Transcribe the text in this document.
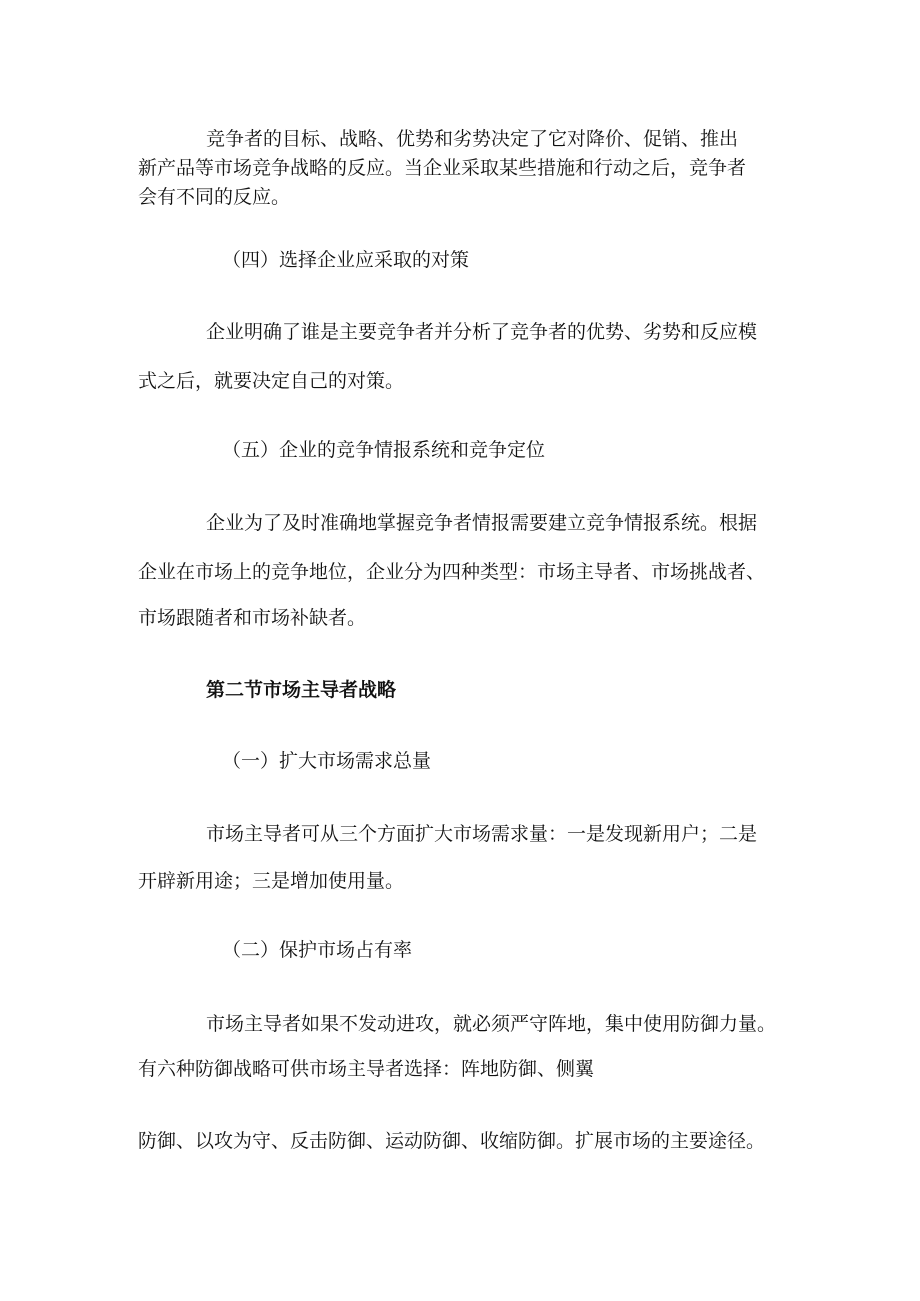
竞争者的目标、战略、优势和劣势决定了它对降价、促销、推出

新产品等市场竞争战略的反应。当企业采取某些措施和行动之后，竞争者

会有不同的反应。

（四）选择企业应采取的对策

企业明确了谁是主要竞争者并分析了竞争者的优势、劣势和反应模

式之后，就要决定自己的对策。

（五）企业的竞争情报系统和竞争定位

企业为了及时准确地掌握竞争者情报需要建立竞争情报系统。根据

企业在市场上的竞争地位，企业分为四种类型：市场主导者、市场挑战者、

市场跟随者和市场补缺者。

第二节市场主导者战略

（一）扩大市场需求总量

市场主导者可从三个方面扩大市场需求量：一是发现新用户；二是

开辟新用途；三是增加使用量。

（二）保护市场占有率

市场主导者如果不发动进攻，就必须严守阵地，集中使用防御力量。

有六种防御战略可供市场主导者选择：阵地防御、侧翼

防御、以攻为守、反击防御、运动防御、收缩防御。扩展市场的主要途径。
